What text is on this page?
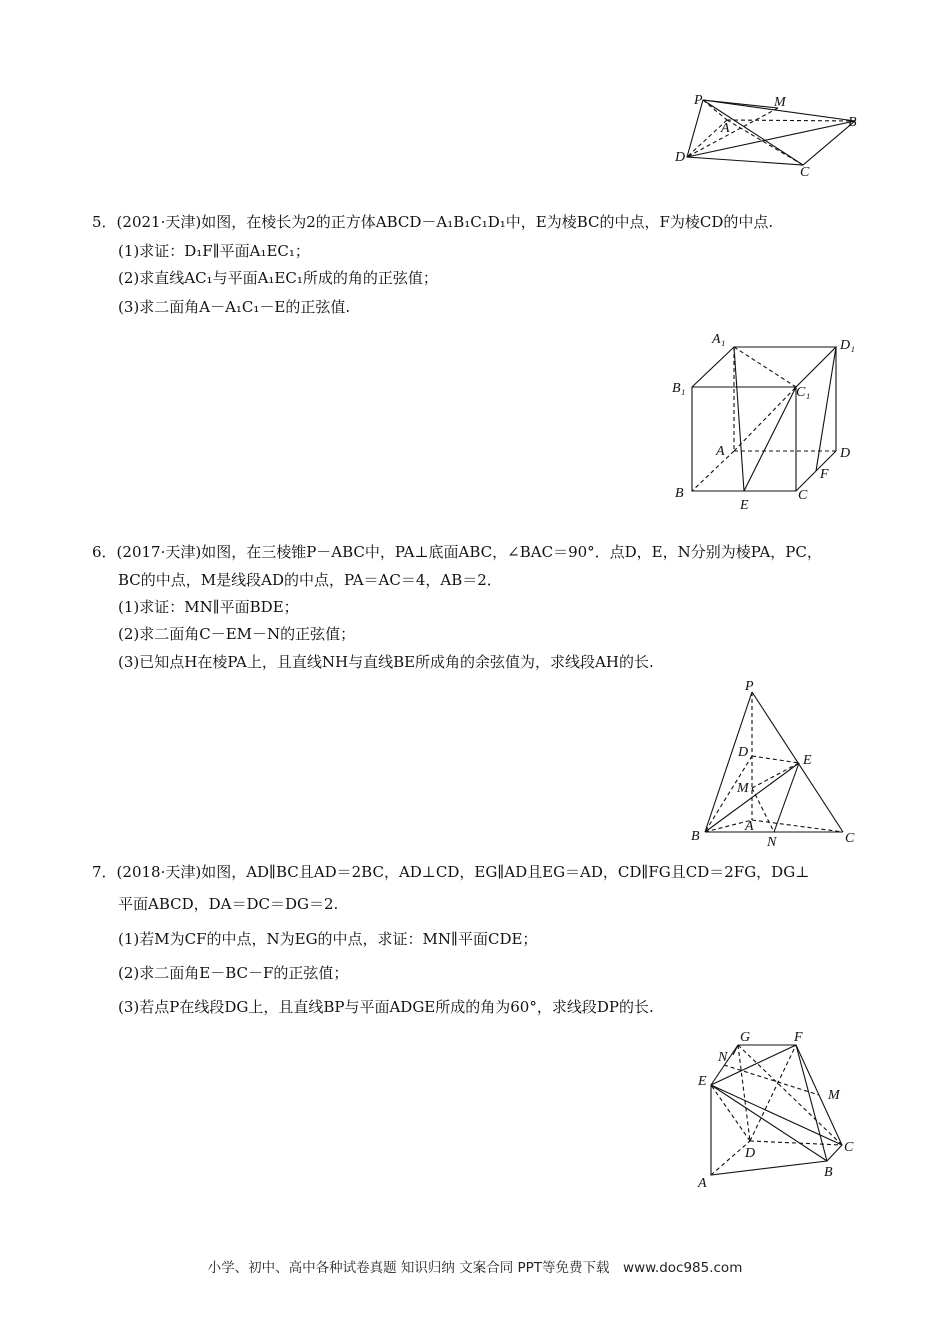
P	M
A	B
D
C
5．(2021·天津)如图，在棱长为2的正方体ABCD－A₁B₁C₁D₁中，E为棱BC的中点，F为棱CD的中点.
(1)求证：D₁F∥平面A₁EC₁；
(2)求直线AC₁与平面A₁EC₁所成的角的正弦值；
(3)求二面角A－A₁C₁－E的正弦值.
A₁	D₁
B₁	C₁
A	D
F
B	C
E
6．(2017·天津)如图，在三棱锥P－ABC中，PA⊥底面ABC，∠BAC＝90°．点D，E，N分别为棱PA，PC，
BC的中点，M是线段AD的中点，PA＝AC＝4，AB＝2．
(1)求证：MN∥平面BDE；
(2)求二面角C－EM－N的正弦值；
(3)已知点H在棱PA上，且直线NH与直线BE所成角的余弦值为，求线段AH的长.
P
D
E
M
A
B	N	C
7．(2018·天津)如图，AD∥BC且AD＝2BC，AD⊥CD，EG∥AD且EG＝AD，CD∥FG且CD＝2FG，DG⊥
平面ABCD，DA＝DC＝DG＝2.
(1)若M为CF的中点，N为EG的中点，求证：MN∥平面CDE；
(2)求二面角E－BC－F的正弦值；
(3)若点P在线段DG上，且直线BP与平面ADGE所成的角为60°，求线段DP的长.
G	F
N
E
M
D	C
B
A
小学、初中、高中各种试卷真题 知识归纳 文案合同 PPT等免费下载　www.doc985.com
